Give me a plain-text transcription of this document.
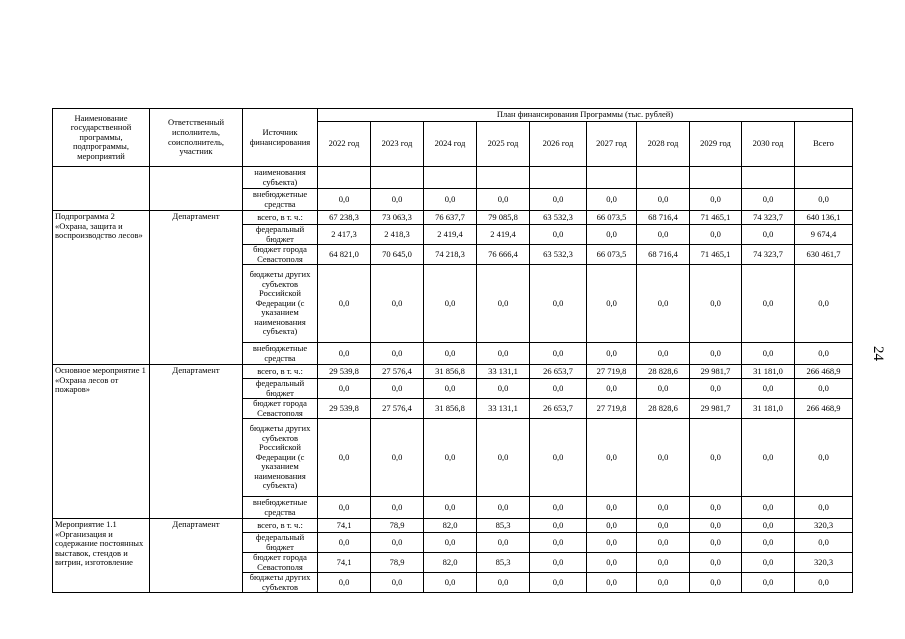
Наименование государственной программы, подпрограммы, мероприятий	Ответственный исполнитель, соисполнитель, участник	Источник финансирования	План финансирования Программы (тыс. рублей)									
			2022 год	2023 год	2024 год	2025 год	2026 год	2027 год	2028 год	2029 год	2030 год	Всего
		наименования субъекта)										
		внебюджетные средства	0,0	0,0	0,0	0,0	0,0	0,0	0,0	0,0	0,0	0,0
Подпрограмма 2 «Охрана, защита и воспроизводство лесов»	Департамент	всего, в т. ч.:	67 238,3	73 063,3	76 637,7	79 085,8	63 532,3	66 073,5	68 716,4	71 465,1	74 323,7	640 136,1
		федеральный бюджет	2 417,3	2 418,3	2 419,4	2 419,4	0,0	0,0	0,0	0,0	0,0	9 674,4
		бюджет города Севастополя	64 821,0	70 645,0	74 218,3	76 666,4	63 532,3	66 073,5	68 716,4	71 465,1	74 323,7	630 461,7
		бюджеты других субъектов Российской Федерации (с указанием наименования субъекта)	0,0	0,0	0,0	0,0	0,0	0,0	0,0	0,0	0,0	0,0
		внебюджетные средства	0,0	0,0	0,0	0,0	0,0	0,0	0,0	0,0	0,0	0,0
Основное мероприятие 1 «Охрана лесов от пожаров»	Департамент	всего, в т. ч.:	29 539,8	27 576,4	31 856,8	33 131,1	26 653,7	27 719,8	28 828,6	29 981,7	31 181,0	266 468,9
		федеральный бюджет	0,0	0,0	0,0	0,0	0,0	0,0	0,0	0,0	0,0	0,0
		бюджет города Севастополя	29 539,8	27 576,4	31 856,8	33 131,1	26 653,7	27 719,8	28 828,6	29 981,7	31 181,0	266 468,9
		бюджеты других субъектов Российской Федерации (с указанием наименования субъекта)	0,0	0,0	0,0	0,0	0,0	0,0	0,0	0,0	0,0	0,0
		внебюджетные средства	0,0	0,0	0,0	0,0	0,0	0,0	0,0	0,0	0,0	0,0
Мероприятие 1.1 «Организация и содержание постоянных выставок, стендов и витрин, изготовление	Департамент	всего, в т. ч.:	74,1	78,9	82,0	85,3	0,0	0,0	0,0	0,0	0,0	320,3
		федеральный бюджет	0,0	0,0	0,0	0,0	0,0	0,0	0,0	0,0	0,0	0,0
		бюджет города Севастополя	74,1	78,9	82,0	85,3	0,0	0,0	0,0	0,0	0,0	320,3
		бюджеты других субъектов	0,0	0,0	0,0	0,0	0,0	0,0	0,0	0,0	0,0	0,0
24
